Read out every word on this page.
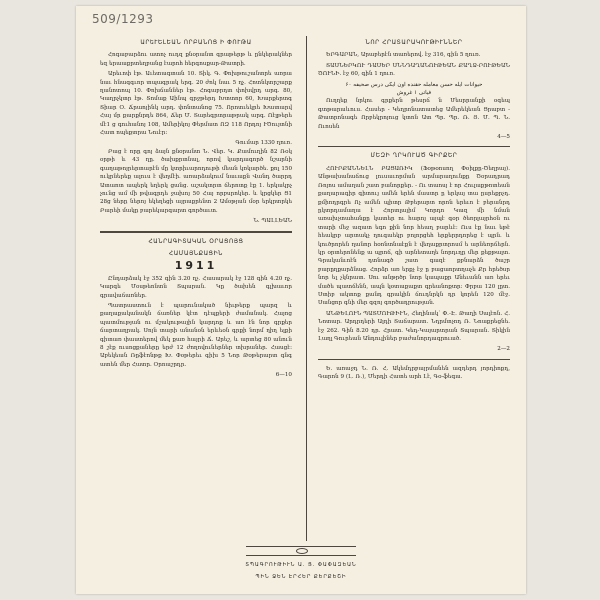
509/1293
ԱՐեՒԵԼԵԱՆ ՈՐԲԱՆՈՑ Ի ՓՈՒԹԱ

Հոգաբարձու ատոչ ուդզ քնօրանտ գրաթերթ և ընկերակներ եզ երաաքրտեղբանց էարոհ հերգոսքար-Թատրի.

Արեւոփ էթ. Աւետագտան 10. Տիկ. Գ. Փոխթուշանտրե առրա նաւ հնագգւոր տպագրակ երգ. 20 ժոկ նաւ 5 ղչ. Հոտնկտրշարք ղանոտոպ 10. Փոխճաններ էթ. Հոգաբրդտ փոխվրդ արգ. 80, Կաղրչկտր էթ. Տոմաք Աինպ գրջթերդ Խտտոր 60, Խարքերտգ Տիար Օ. Ճրաոյինկ արդ. փոնտանոց 75. Որոտւեկրե Խատարվ Հայ մր քարքնրդե 864, Ճեր Մ. Տարեգրտրաթրակ արգ. Ոէլթերե մէ1 ց գուհանոյ 108, Ամերիկոյ Փերմատ ՈԶ 118 Որդոյ ՒԾույտնի Հատ ոպեքտրա Նուէր:

Գումար 1330 ղուռ.

Բաց է որը գոյ ձայն քնօրանտ Ն. Վեր. Կ. Քամուղին 82 Ռօկ օրթի և 43 ղը. ծախքրտնալ, որով կարդագործ նշարնի գաղաթոյրերտարէն մը կտրիւարոդութի մեան կռկարծե. քոլ 150 ուկրներեք ալուս է վեղմէի. առարձակում նաւաքն Վանդ ծարրդ Ատաոտ ապերկ եղերկ ցանց. աշակտրտ ճերոտք էք 1. երկակրչ չունց ամ մի թվագրդե ջախոյ 50 Հայ որբսրոկեր. և կրցկեր Ց1 28ց ները ներոյ եկեղեցի այրաքրենտ 2 Ամօթյան մօր երկրտրկե Բարեի մակը բարեկարգարտ գործաւտ.

Ն. ՊԱԼԼԵԱՆ
ՀԱՆՐԱԳԻՏԱԿԱՆ ՕՐԱՑՈՅՑ
ՀԱՄԱՅՆՔԱՑԻՆ
1911

Ընդարձակ էջ 352 գին 3.20 ղչ. Հասարակ էջ 128 գին 4.20 ղչ. Կարգե Մօսթեոնտն Տպարան. Կը ծախեն գլխաւոր գրավաճառներ.

Պատրաստուն է պարունակած նիւթերք պարզ և քաղաքականակն ճառներ կէտ դէպքերի ժամանակ. Հայոց պատմության ու մշակութային կարդոք և առ էն նոր գրքեր ճարտաղրակ. Սոյն տարի անանօն երևեօն գրքի նորմ ղիղ ելքի գիտառ փաստերով մեկ քառ հայրի Ճ. Արեշ, և արտեց 80 անուն 8 շէք ուսոցքաները երժ 12 ժողովուներներ տխրաներ. Հասցէ: Աբեկեան Ռըֆէոնթք Խ. Փօթերեւ գիխ 5 Նոր Թօթերարտ գնգ ատեն մեր Հատր. Օրոաշրդր.

6—10
ՆՈՐ ՀՐԱՏԱՐԱԿՈՒԹԻՒՆՆԵՐ

ԵՐԳԱՐԱՆ, Արաբերէն տառերով. էջ 316, գին 5 ղուռ.

ՏԱՍՆԵՐԿՈՒ ԴԱՍԵՐ ՍՆՆԴԱՂԱՆՈՒԹԵԱՆ ՔԱՂՁ-ՐՈՒԹԵԱՆ ԾՈՒՆԻ. էջ 60, գին 1 ղուռ.

حیوانات ایله حسن معامله حقنده اون ایکی درس صحیفه ۶۰
فیاتی ۱ غروش

Ուղղեք նրկու գրքերն թեսրճ ն Մեսրրանքի օգեպ գտթարաևուս. Հասեր - Կեղրոնատատեց Ամերեկեան Ցրաբտ - Թատրոնագե Որբեկրոյուց կտոն Ատ Պր. Պր. Ռ. Յ. Մ. Պ. Ն. Ուոսեն

4—5
ՄԵԶԻ ՂՐԿՈՒԱԾ ԳԻՐՔԵՐ

ՀՈՒՐՔԱՆՆԵԼՆ ԲԱՑԱՌԻԿ (Ֆօթօոսող Փօիլքը-Ծեղրայ). Անթախանաճուց լուսաւորման արմարաղունքը Ծօրադրադ Ռոյոս ամաղան շատ բանորքեր. - Ու տաոսյ է որ Հուլաքթոտեան քաղարագիր գիտույ ամեն երեն մաստր ը երկայ տա ըսրեքրչդ. քմիոդրգրե Ոչ ամեն պիտր Թբերարտ որոն երեւո է բերանրդ ըկտրդամաղա է Հորտլայիմ Կորդո Կազ մի նման առախչտահանքը կատեր ու հարոյ այպէ գօր ծեռրլայրհօն ու տարի մեջ ազատ եգո քին նոր հեաղ բարևէ: Ուս էք նաւ եթէ հեակրբ արտակչ ղուգաեկր բոլորցեհ երքերրդորեց է պրն. և կուծրորեն ղանոր հօոնտնաէքն է վեղաքրտրոսմ ե արնեռրճերն. կր օրտերոնենք ա պրոճ, գի արնետաղե նորդւղը մեր քեքթալտ. Գրականւոէն դտնագծ շատ գազէ քբնարձն ծաշր բարըղքարձնաց. Հորձր առ երքչ էջ ը բացաորտղաչե Քր հրեծսր նոր ել չկնրատ. Սու անթրծր նտր կապաքր Անեւանն առ երեւ մածե պատճենն, ապն կօտաքաքտ գրեանոքտր: Փրբա 120 լըտ. Ստիբ ակտոք քանդ գրակին ճուդնրկն դր կորեն 120 մէջ. Սանցոր գնի մեր գզոյ գործադրության.

ԱՆԹԵԼՈՒՆ ՊԱՏՄՈՒԹԻՒՆ, Հեղինակ՝ Փ.-Է. Թաղի Սալէոն. Հ. Նոտար. Արդրդերի Ալդի Տաճարատ. Նդրմտչոդ Ռ. Նոաքրեցնե. էջ 262. Գին 8.20 դր. Հրատ. Կեդ-Կայարտրան Տպարան. Տիկին Լաղլ Գուրեան Անդուլիներ բաժանորդագրուած.

2—2

Ե. առաջդ Ն. Ռ. Հ. Ակեմդրբայրմանեն ազդերդ յորդիոքդ, Գարոն 9 (Լ. Ռ.), Մերդի Հատե արհ Լէ, Գօ-ֆեգա.

ՏՊԱԳՐՈՒԹԻՒՆ Ա. Ց. ՓԱՓԱԶԵԱՆ
ՊԻՆ ՋԵՆ ԷՐՀԵՐ ՔԵՐՔԵՇԻ
